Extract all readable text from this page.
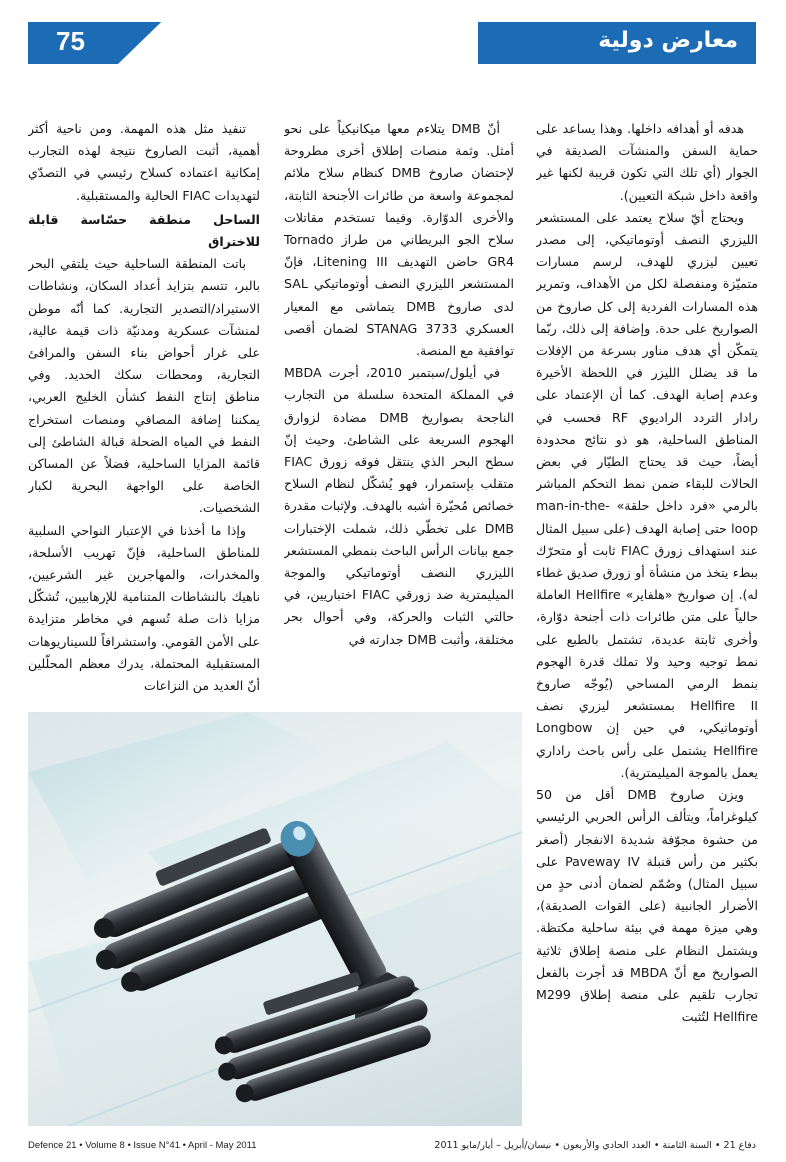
75	معارض دولية

هدفه أو أهدافه داخلها. وهذا يساعد على حماية السفن والمنشآت الصديقة في الجوار (أي تلك التي تكون قريبة لكنها غير واقعة داخل شبكة التعيين).

ويحتاج أيّ سلاح يعتمد على المستشعر الليزري النصف أوتوماتيكي، إلى مصدر تعيين ليزري للهدف، لرسم مسارات متميّزة ومنفصلة لكل من الأهداف، وتمرير هذه المسارات الفردية إلى كل صاروخ من الصواريخ على حدة. وإضافة إلى ذلك، ربّما يتمكّن أي هدف مناور بسرعة من الإفلات ما قد يضلل الليزر في اللحظة الأخيرة وعدم إصابة الهدف. كما أن الإعتماد على رادار التردد الراديوي RF فحسب في المناطق الساحلية، هو ذو نتائج محدودة أيضاً، حيث قد يحتاج الطيّار في بعض الحالات للبقاء ضمن نمط التحكم المباشر بالرمي «فرد داخل حلقة» man-in-the-loop حتى إصابة الهدف (على سبيل المثال عند استهداف زورق FIAC ثابت أو متحرّك ببطء يتخذ من منشأة أو زورق صديق غطاء له). إن صواريخ «هلفاير» Hellfire العاملة حالياً على متن طائرات ذات أجنحة دوّارة، وأخرى ثابتة عديدة، تشتمل بالطبع على نمط توجيه وحيد ولا تملك قدرة الهجوم بنمط الرمي المساحي (يُوجّه صاروخ Hellfire II بمستشعر ليزري نصف أوتوماتيكي، في حين إن Longbow Hellfire يشتمل على رأس باحث راداري يعمل بالموجة الميليمترية).

ويزن صاروخ DMB أقل من 50 كيلوغراماً، ويتألف الرأس الحربي الرئيسي من حشوة مجوّفة شديدة الانفجار (أصغر بكثير من رأس قنبلة Paveway IV على سبيل المثال) وصُمّم لضمان أدنى حدٍ من الأضرار الجانبية (على القوات الصديقة)، وهي ميزة مهمة في بيئة ساحلية مكتظة. ويشتمل النظام على منصة إطلاق ثلاثية الصواريخ مع أنّ MBDA قد أجرت بالفعل تجارب تلقيم على منصة إطلاق M299 Hellfire لتُثبت

أنّ DMB يتلاءم معها ميكانيكياً على نحو أمثل. وثمة منصات إطلاق أخرى مطروحة لإحتضان صاروخ DMB كنظام سلاح ملائم لمجموعة واسعة من طائرات الأجنحة الثابتة، والأخرى الدوّارة. وفيما تستخدم مقاتلات سلاح الجو البريطاني من طراز Tornado GR4 حاضن التهديف Litening III، فإنّ المستشعر الليزري النصف أوتوماتيكي SAL لدى صاروخ DMB يتماشى مع المعيار العسكري STANAG 3733 لضمان أقصى توافقية مع المنصة.

في أيلول/سبتمبر 2010، أجرت MBDA في المملكة المتحدة سلسلة من التجارب الناجحة بصواريخ DMB مضادة لزوارق الهجوم السريعة على الشاطئ. وحيث إنّ سطح البحر الذي ينتقل فوقه زورق FIAC متقلب بإستمرار، فهو يُشكّل لنظام السلاح خصائص مُحيّرة أشبه بالهدف. ولإثبات مقدرة DMB على تخطّي ذلك، شملت الإختبارات جمع بيانات الرأس الباحث بنمطي المستشعر الليزري النصف أوتوماتيكي والموجة الميليمترية ضد زورقي FIAC اختباريين، في حالتي الثبات والحركة، وفي أحوال بحر مختلفة، وأثبت DMB جدارته في

تنفيذ مثل هذه المهمة. ومن ناحية أكثر أهمية، أثبت الصاروخ نتيجة لهذه التجارب إمكانية اعتماده كسلاح رئيسي في التصدّي لتهديدات FIAC الحالية والمستقبلية.

الساحل منطقة حسّاسة قابلة للاختراق

باتت المنطقة الساحلية حيث يلتقي البحر بالبر، تتسم بتزايد أعداد السكان، ونشاطات الاستيراد/التصدير التجارية. كما أنّه موطن لمنشآت عسكرية ومدنيّة ذات قيمة عالية، على غرار أحواض بناء السفن والمرافئ التجارية، ومحطات سكك الحديد. وفي مناطق إنتاج النفط كشأن الخليج العربي، يمكننا إضافة المصافي ومنصات استخراج النفط في المياه الضحلة قبالة الشاطئ إلى قائمة المزايا الساحلية، فضلاً عن المساكن الخاصة على الواجهة البحرية لكبار الشخصيات.

وإذا ما أخذنا في الإعتبار النواحي السلبية للمناطق الساحلية، فإنّ تهريب الأسلحة، والمخدرات، والمهاجرين غير الشرعيين، ناهيك بالنشاطات المتنامية للإرهابيين، تُشكّل مزايا ذات صلة تُسهم في مخاطر متزايدة على الأمن القومي. واستشرافاً للسيناريوهات المستقبلية المحتملة، يدرك معظم المحلّلين أنّ العديد من النزاعات

Defence 21 • Volume 8 • Issue N°41 • April - May 2011	دفاع 21 • السنة الثامنة • العدد الحادي والأربعون • نيسان/أبريل – أيار/مايو 2011
